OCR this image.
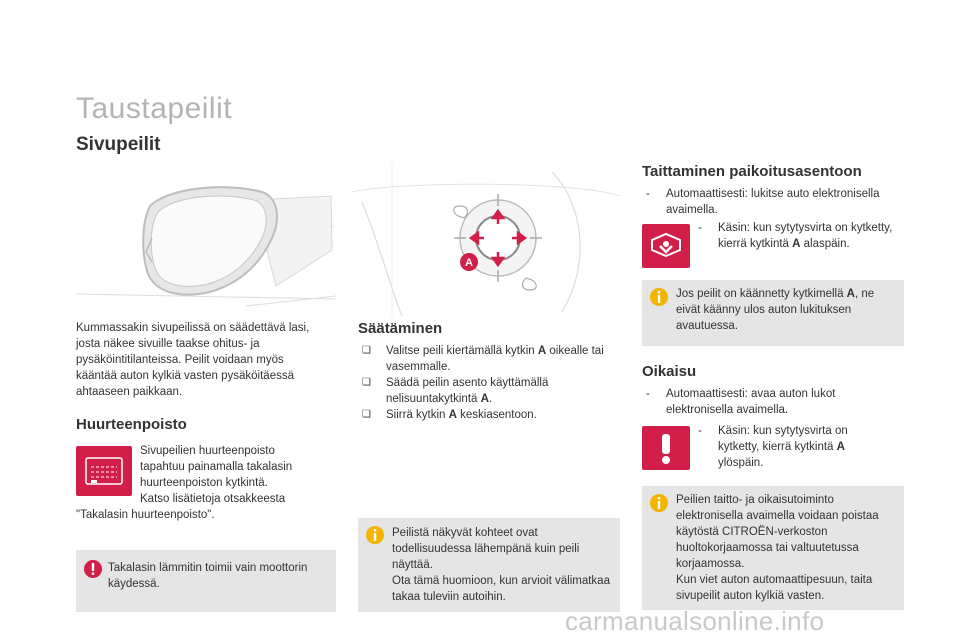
Taustapeilit
Sivupeilit
Kummassakin sivupeilissä on säädettävä lasi, josta näkee sivuille taakse ohitus- ja pysäköintitilanteissa. Peilit voidaan myös kääntää auton kylkiä vasten pysäköitäessä ahtaaseen paikkaan.
Huurteenpoisto
Sivupeilien huurteenpoisto tapahtuu painamalla takalasin huurteenpoiston kytkintä.
Katso lisätietoja otsakkeesta
"Takalasin huurteenpoisto".
Takalasin lämmitin toimii vain moottorin käydessä.
A
Säätäminen
❑ Valitse peili kiertämällä kytkin A oikealle tai vasemmalle.
❑ Säädä peilin asento käyttämällä nelisuuntakytkintä A.
❑ Siirrä kytkin A keskiasentoon.
Peilistä näkyvät kohteet ovat todellisuudessa lähempänä kuin peili näyttää.
Ota tämä huomioon, kun arvioit välimatkaa takaa tuleviin autoihin.
Taittaminen paikoitusasentoon
- Automaattisesti: lukitse auto elektronisella avaimella.
- Käsin: kun sytytysvirta on kytketty, kierrä kytkintä A alaspäin.
Jos peilit on käännetty kytkimellä A, ne eivät käänny ulos auton lukituksen avautuessa.
Oikaisu
- Automaattisesti: avaa auton lukot elektronisella avaimella.
- Käsin: kun sytytysvirta on kytketty, kierrä kytkintä A ylöspäin.
Peilien taitto- ja oikaisutoiminto elektronisella avaimella voidaan poistaa käytöstä CITROËN-verkoston huoltokorjaamossa tai valtuutetussa korjaamossa.
Kun viet auton automaattipesuun, taita sivupeilit auton kylkiä vasten.
carmanualsonline.info
